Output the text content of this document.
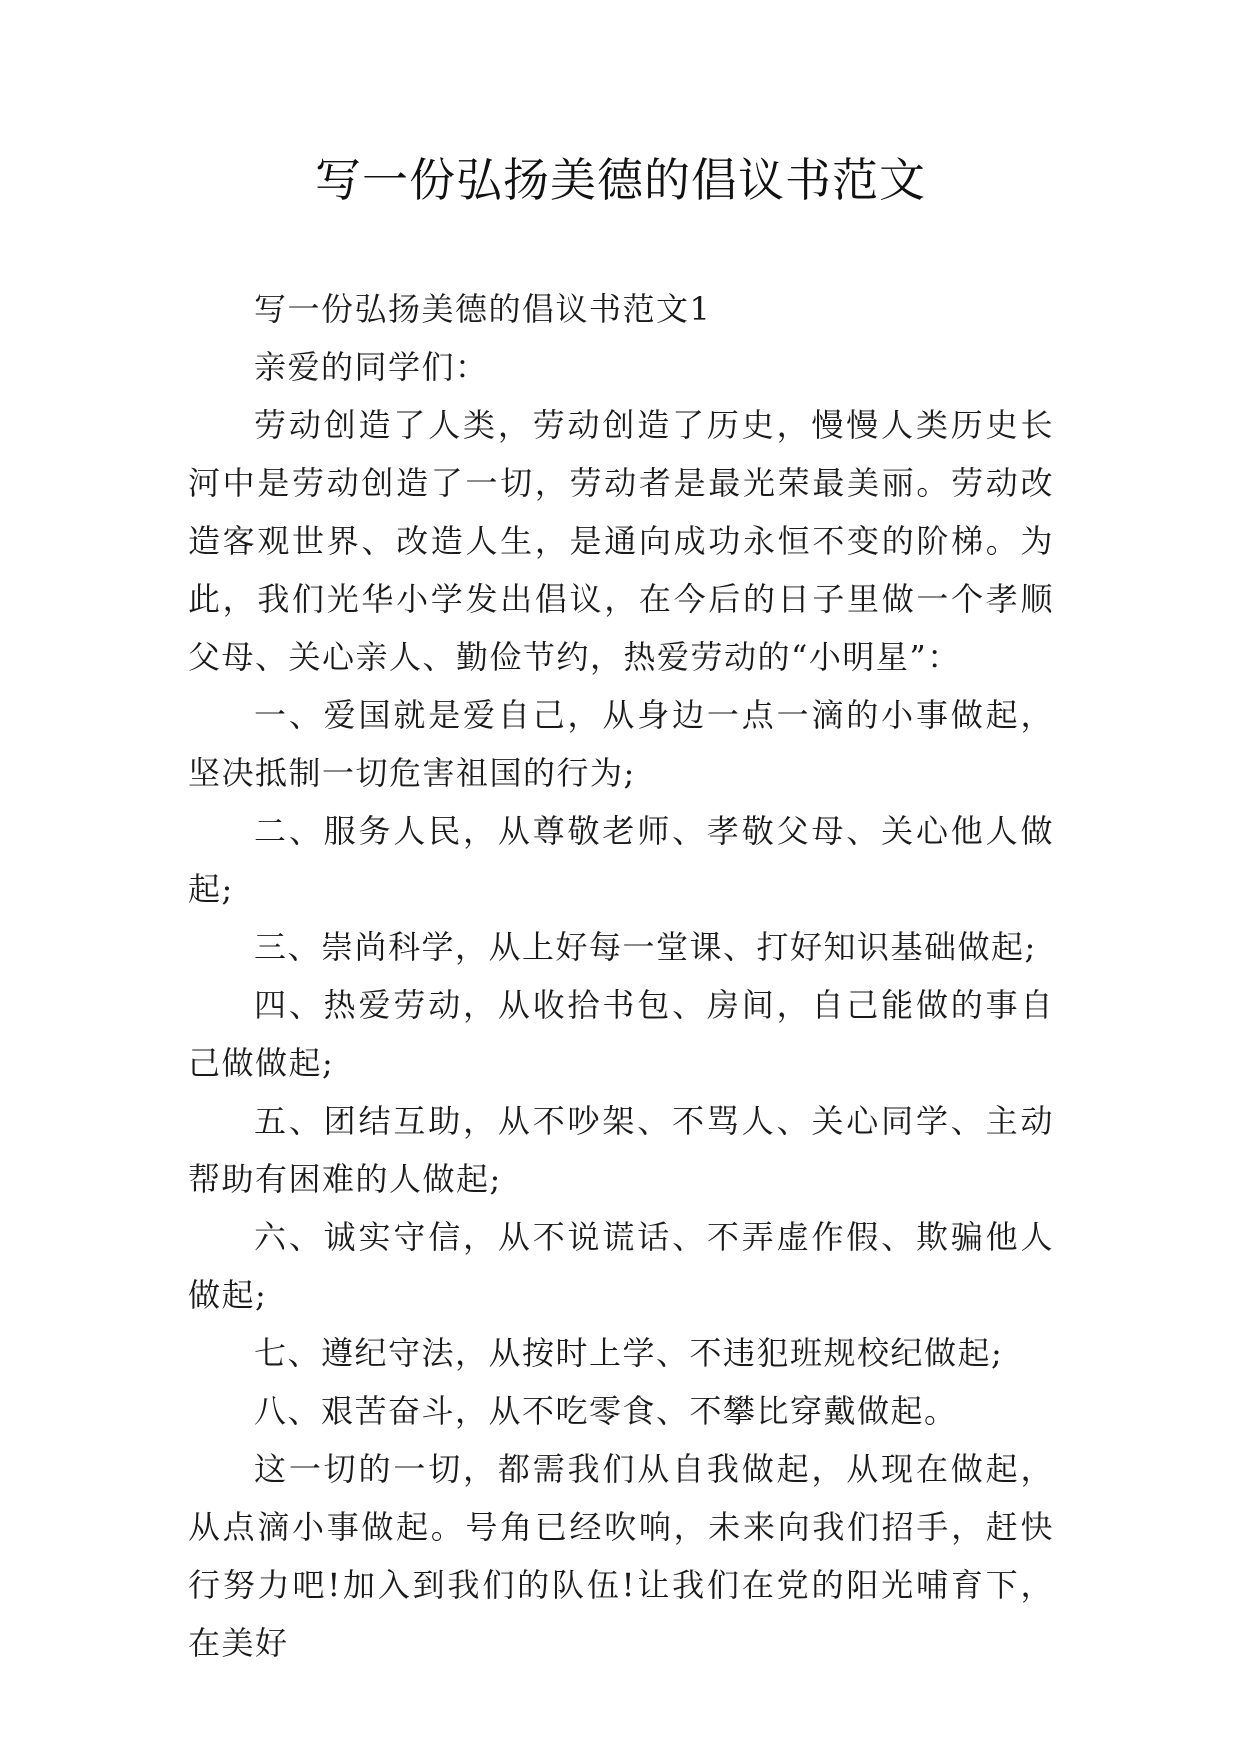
写一份弘扬美德的倡议书范文

写一份弘扬美德的倡议书范文1

亲爱的同学们：

劳动创造了人类，劳动创造了历史，慢慢人类历史长河中是劳动创造了一切，劳动者是最光荣最美丽。劳动改造客观世界、改造人生，是通向成功永恒不变的阶梯。为此，我们光华小学发出倡议，在今后的日子里做一个孝顺父母、关心亲人、勤俭节约，热爱劳动的“小明星”：

一、爱国就是爱自己，从身边一点一滴的小事做起，坚决抵制一切危害祖国的行为;

二、服务人民，从尊敬老师、孝敬父母、关心他人做起;

三、崇尚科学，从上好每一堂课、打好知识基础做起;

四、热爱劳动，从收拾书包、房间，自己能做的事自己做做起;

五、团结互助，从不吵架、不骂人、关心同学、主动帮助有困难的人做起;

六、诚实守信，从不说谎话、不弄虚作假、欺骗他人做起;

七、遵纪守法，从按时上学、不违犯班规校纪做起;

八、艰苦奋斗，从不吃零食、不攀比穿戴做起。

这一切的一切，都需我们从自我做起，从现在做起，从点滴小事做起。号角已经吹响，未来向我们招手，赶快行努力吧!加入到我们的队伍!让我们在党的阳光哺育下，在美好
